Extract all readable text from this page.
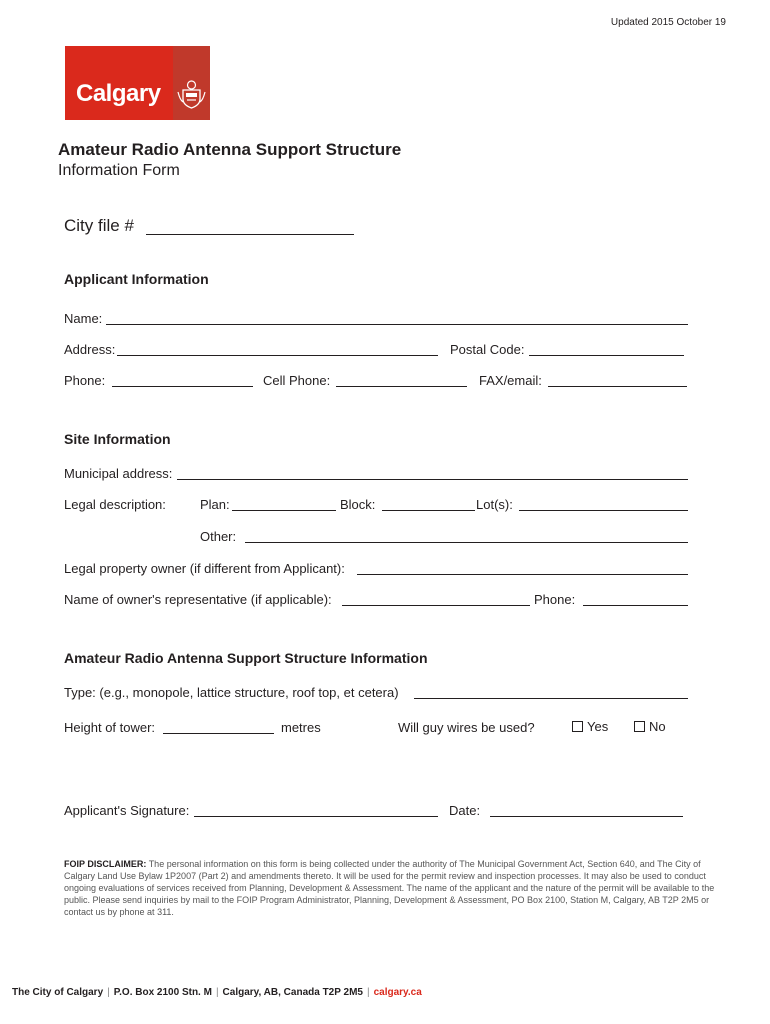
Updated 2015 October 19
Calgary
Amateur Radio Antenna Support Structure
Information Form
City file #
Applicant Information
Name:
Address:	Postal Code:
Phone:	Cell Phone:	FAX/email:
Site Information
Municipal address:
Legal description:	Plan:	Block:	Lot(s):
Other:
Legal property owner (if different from Applicant):
Name of owner's representative (if applicable):	Phone:
Amateur Radio Antenna Support Structure Information
Type: (e.g., monopole, lattice structure, roof top, et cetera)
Height of tower:	metres	Will guy wires be used?	Yes	No
Applicant's Signature:	Date:
FOIP DISCLAIMER: The personal information on this form is being collected under the authority of The Municipal Government Act, Section 640, and The City of Calgary Land Use Bylaw 1P2007 (Part 2) and amendments thereto. It will be used for the permit review and inspection processes. It may also be used to conduct ongoing evaluations of services received from Planning, Development & Assessment. The name of the applicant and the nature of the permit will be available to the public. Please send inquiries by mail to the FOIP Program Administrator, Planning, Development & Assessment, PO Box 2100, Station M, Calgary, AB T2P 2M5 or contact us by phone at 311.
The City of Calgary | P.O. Box 2100 Stn. M | Calgary, AB, Canada T2P 2M5 | calgary.ca
